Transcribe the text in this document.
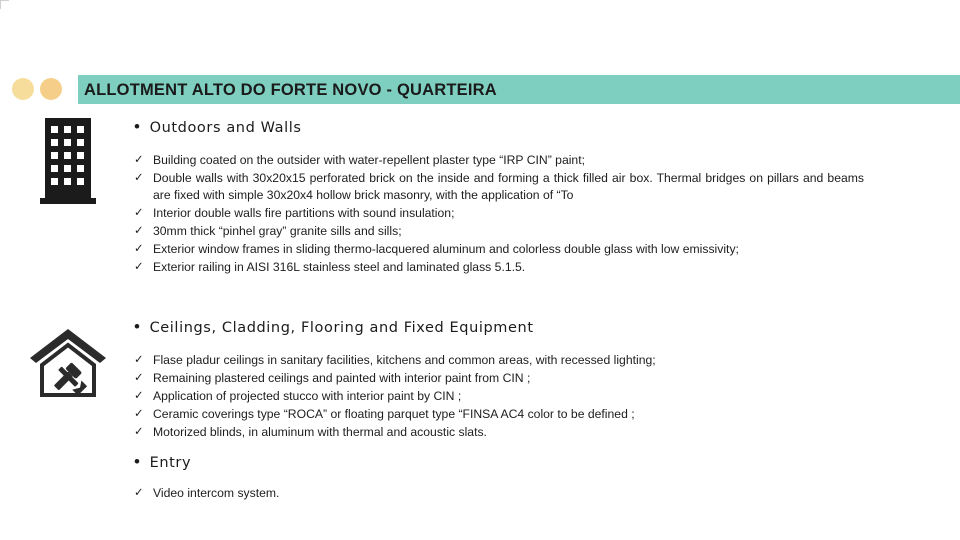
ALLOTMENT ALTO DO FORTE NOVO - QUARTEIRA
• Outdoors and Walls
✓ Building coated on the outsider with water-repellent plaster type “IRP CIN” paint;
✓ Double walls with 30x20x15 perforated brick on the inside and forming a thick filled air box. Thermal bridges on pillars and beams are fixed with simple 30x20x4 hollow brick masonry, with the application of “To
✓ Interior double walls fire partitions with sound insulation;
✓ 30mm thick “pinhel gray” granite sills and sills;
✓ Exterior window frames in sliding thermo-lacquered aluminum and colorless double glass with low emissivity;
✓ Exterior railing in AISI 316L stainless steel and laminated glass 5.1.5.
• Ceilings, Cladding, Flooring and Fixed Equipment
✓ Flase pladur ceilings in sanitary facilities, kitchens and common areas, with recessed lighting;
✓ Remaining plastered ceilings and painted with interior paint from CIN ;
✓ Application of projected stucco with interior paint by CIN ;
✓ Ceramic coverings type “ROCA” or floating parquet type “FINSA AC4 color to be defined ;
✓ Motorized blinds, in aluminum with thermal and acoustic slats.
• Entry
✓ Video intercom system.
